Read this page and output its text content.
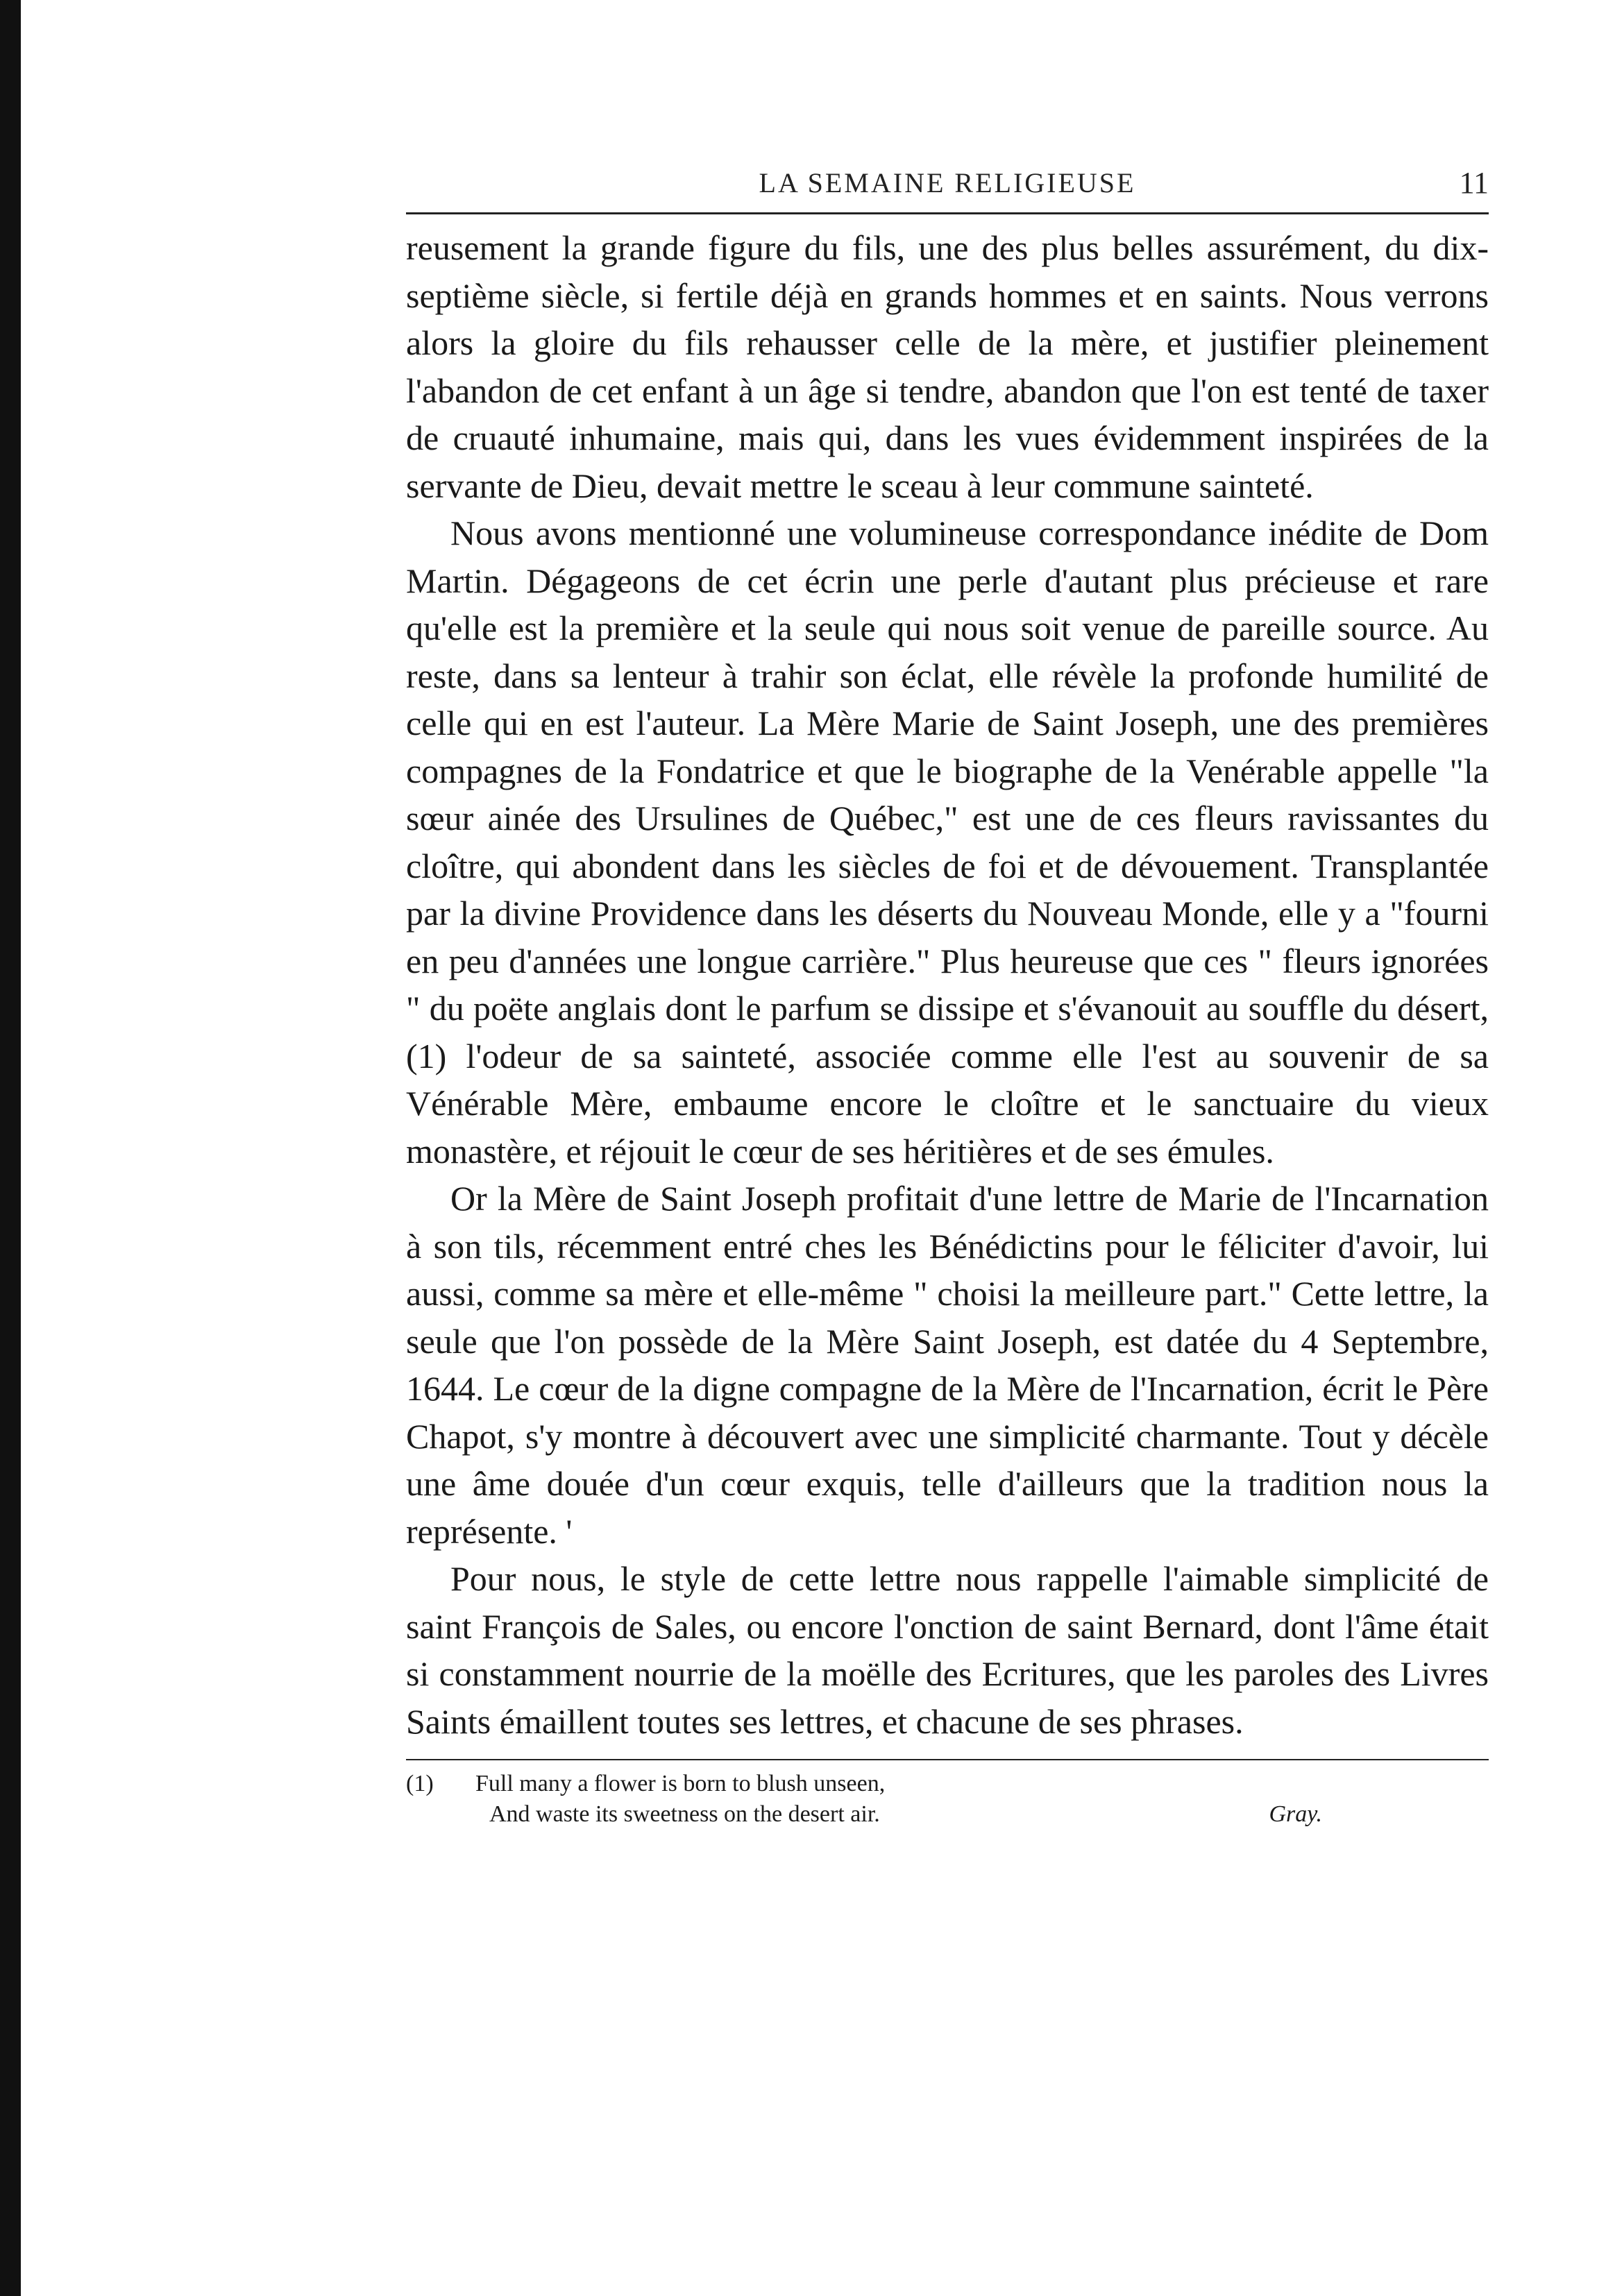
LA SEMAINE RELIGIEUSE	11

reusement la grande figure du fils, une des plus belles assurément, du dix-septième siècle, si fertile déjà en grands hommes et en saints. Nous verrons alors la gloire du fils rehausser celle de la mère, et justifier pleinement l'abandon de cet enfant à un âge si tendre, abandon que l'on est tenté de taxer de cruauté inhumaine, mais qui, dans les vues évidemment inspirées de la servante de Dieu, devait mettre le sceau à leur commune sainteté.

Nous avons mentionné une volumineuse correspondance inédite de Dom Martin. Dégageons de cet écrin une perle d'autant plus précieuse et rare qu'elle est la première et la seule qui nous soit venue de pareille source. Au reste, dans sa lenteur à trahir son éclat, elle révèle la profonde humilité de celle qui en est l'auteur. La Mère Marie de Saint Joseph, une des premières compagnes de la Fondatrice et que le biographe de la Venérable appelle "la sœur ainée des Ursulines de Québec," est une de ces fleurs ravissantes du cloître, qui abondent dans les siècles de foi et de dévouement. Transplantée par la divine Providence dans les déserts du Nouveau Monde, elle y a "fourni en peu d'années une longue carrière." Plus heureuse que ces " fleurs ignorées " du poëte anglais dont le parfum se dissipe et s'évanouit au souffle du désert, (1) l'odeur de sa sainteté, associée comme elle l'est au souvenir de sa Vénérable Mère, embaume encore le cloître et le sanctuaire du vieux monastère, et réjouit le cœur de ses héritières et de ses émules.

Or la Mère de Saint Joseph profitait d'une lettre de Marie de l'Incarnation à son tils, récemment entré ches les Bénédictins pour le féliciter d'avoir, lui aussi, comme sa mère et elle-même " choisi la meilleure part." Cette lettre, la seule que l'on possède de la Mère Saint Joseph, est datée du 4 Septembre, 1644. Le cœur de la digne compagne de la Mère de l'Incarnation, écrit le Père Chapot, s'y montre à découvert avec une simplicité charmante. Tout y décèle une âme douée d'un cœur exquis, telle d'ailleurs que la tradition nous la représente. '

Pour nous, le style de cette lettre nous rappelle l'aimable simplicité de saint François de Sales, ou encore l'onction de saint Bernard, dont l'âme était si constamment nourrie de la moëlle des Ecritures, que les paroles des Livres Saints émaillent toutes ses lettres, et chacune de ses phrases.

(1)	Full many a flower is born to blush unseen,
And waste its sweetness on the desert air.	Gray.
